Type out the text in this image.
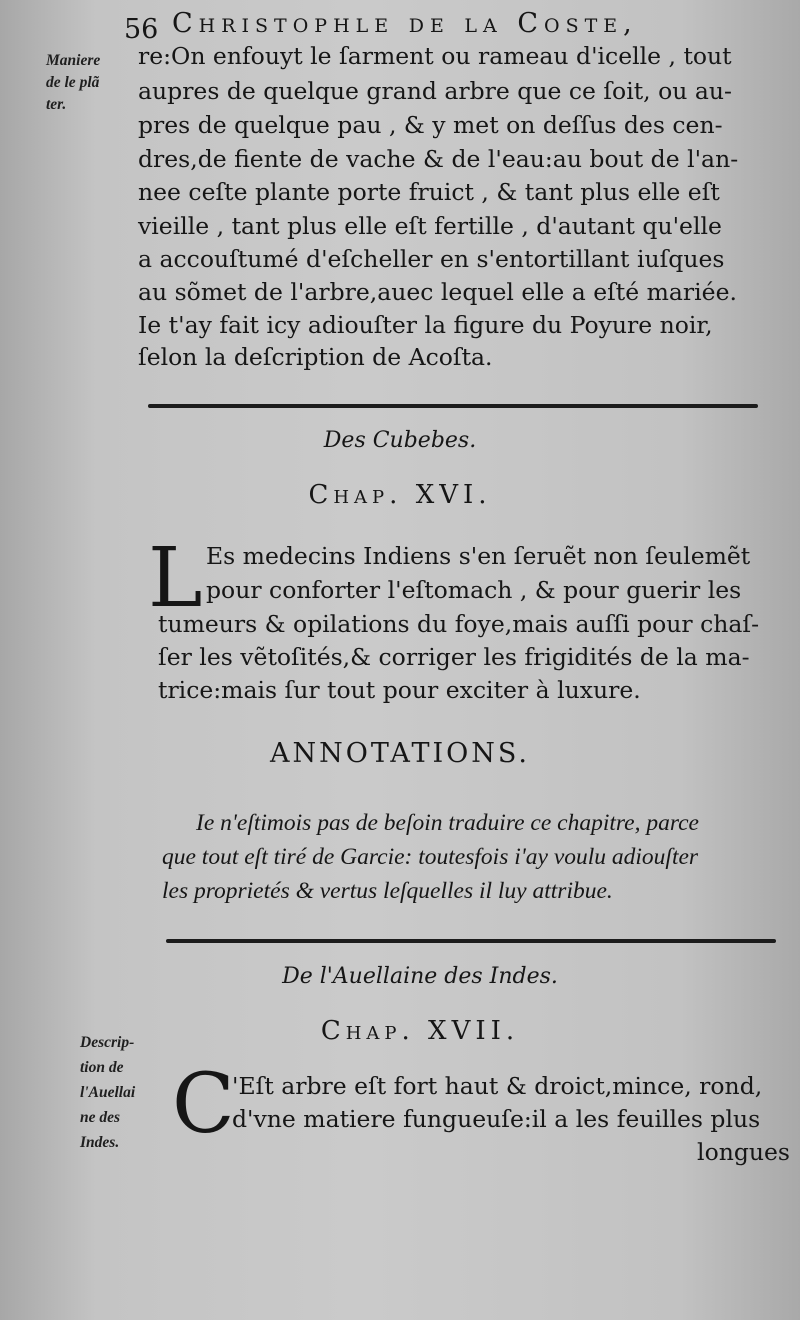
56 Christophle de la Coste,
Maniere
de le plã
ter.
re:On enfouyt le ſarment ou rameau d'icelle , tout
aupres de quelque grand arbre que ce ſoit, ou au-
pres de quelque pau , & y met on deſſus des cen-
dres,de fiente de vache & de l'eau:au bout de l'an-
nee ceſte plante porte fruict , & tant plus elle eſt
vieille , tant plus elle eſt fertille , d'autant qu'elle
a accouſtumé d'eſcheller en s'entortillant iuſques
au sõmet de l'arbre,auec lequel elle a eſté mariée.
Ie t'ay fait icy adiouſter la figure du Poyure noir,
ſelon la deſcription de Acoſta.
Des Cubebes.
Chap. XVI.
L Es medecins Indiens s'en ſeruẽt non ſeulemẽt
pour conforter l'eſtomach , & pour guerir les
tumeurs & opilations du foye,mais auſſi pour chaſ-
ſer les vẽtoſités,& corriger les frigidités de la ma-
trice:mais ſur tout pour exciter à luxure.
ANNOTATIONS.
Ie n'eſtimois pas de beſoin traduire ce chapitre, parce
que tout eſt tiré de Garcie: toutesfois i'ay voulu adiouſter
les proprietés & vertus leſquelles il luy attribue.
De l'Auellaine des Indes.
Chap. XVII.
Descrip-
tion de
l'Auellai
ne des
Indes. C
'Eſt arbre eſt fort haut & droict,mince, rond,
d'vne matiere fungueuſe:il a les feuilles plus
longues
